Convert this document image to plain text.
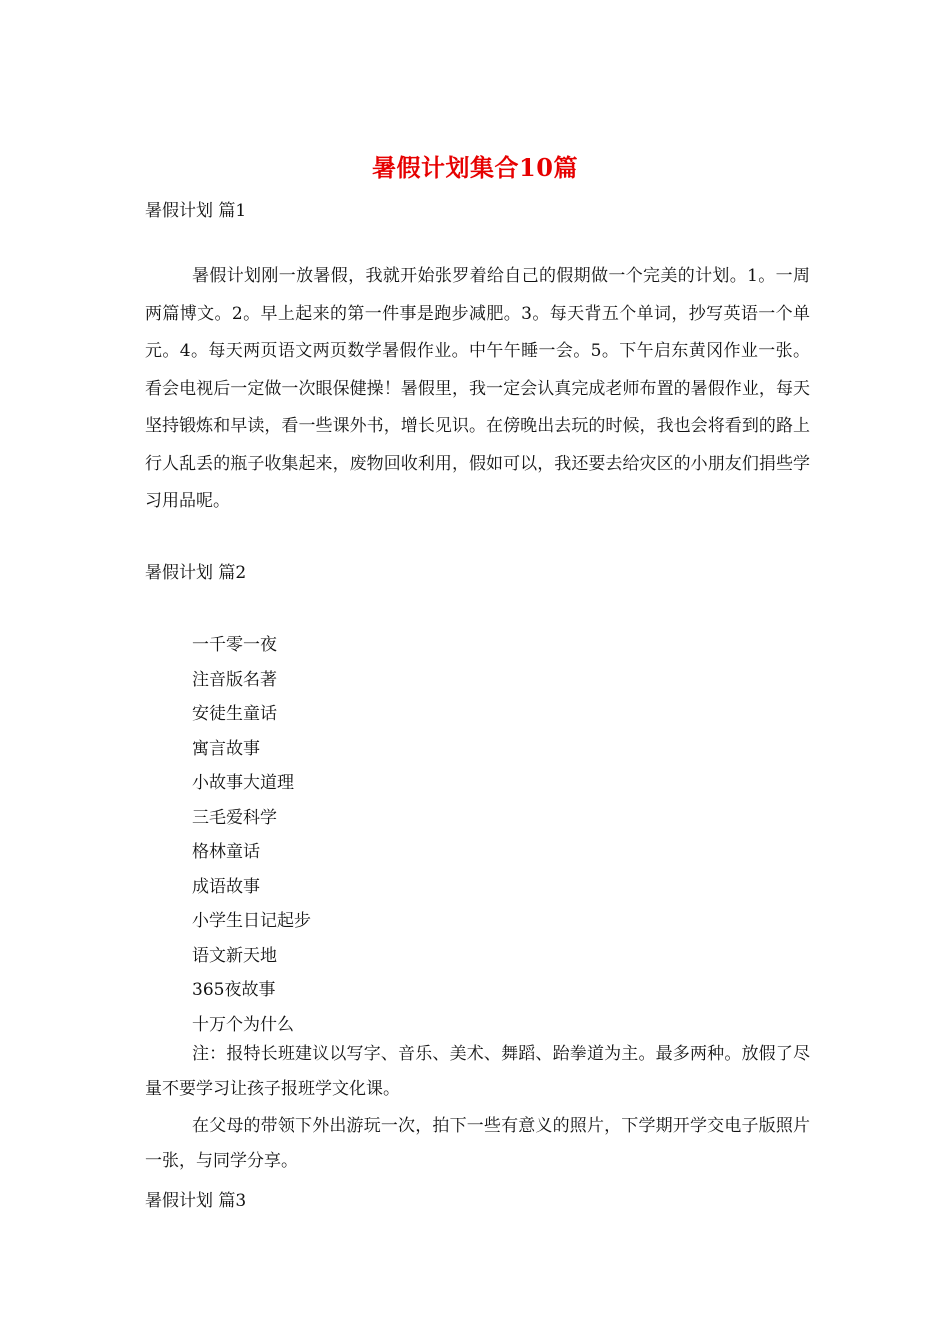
暑假计划集合10篇
暑假计划 篇1
暑假计划刚一放暑假，我就开始张罗着给自己的假期做一个完美的计划。1。一周两篇博文。2。早上起来的第一件事是跑步减肥。3。每天背五个单词，抄写英语一个单元。4。每天两页语文两页数学暑假作业。中午午睡一会。5。下午启东黄冈作业一张。 看会电视后一定做一次眼保健操！暑假里，我一定会认真完成老师布置的暑假作业，每天坚持锻炼和早读，看一些课外书，增长见识。在傍晚出去玩的时候，我也会将看到的路上行人乱丢的瓶子收集起来，废物回收利用，假如可以，我还要去给灾区的小朋友们捐些学习用品呢。
暑假计划 篇2
一千零一夜
注音版名著
安徒生童话
寓言故事
小故事大道理
三毛爱科学
格林童话
成语故事
小学生日记起步
语文新天地
365夜故事
十万个为什么
注：报特长班建议以写字、音乐、美术、舞蹈、跆拳道为主。最多两种。放假了尽量不要学习让孩子报班学文化课。
在父母的带领下外出游玩一次，拍下一些有意义的照片，下学期开学交电子版照片一张，与同学分享。
暑假计划 篇3
